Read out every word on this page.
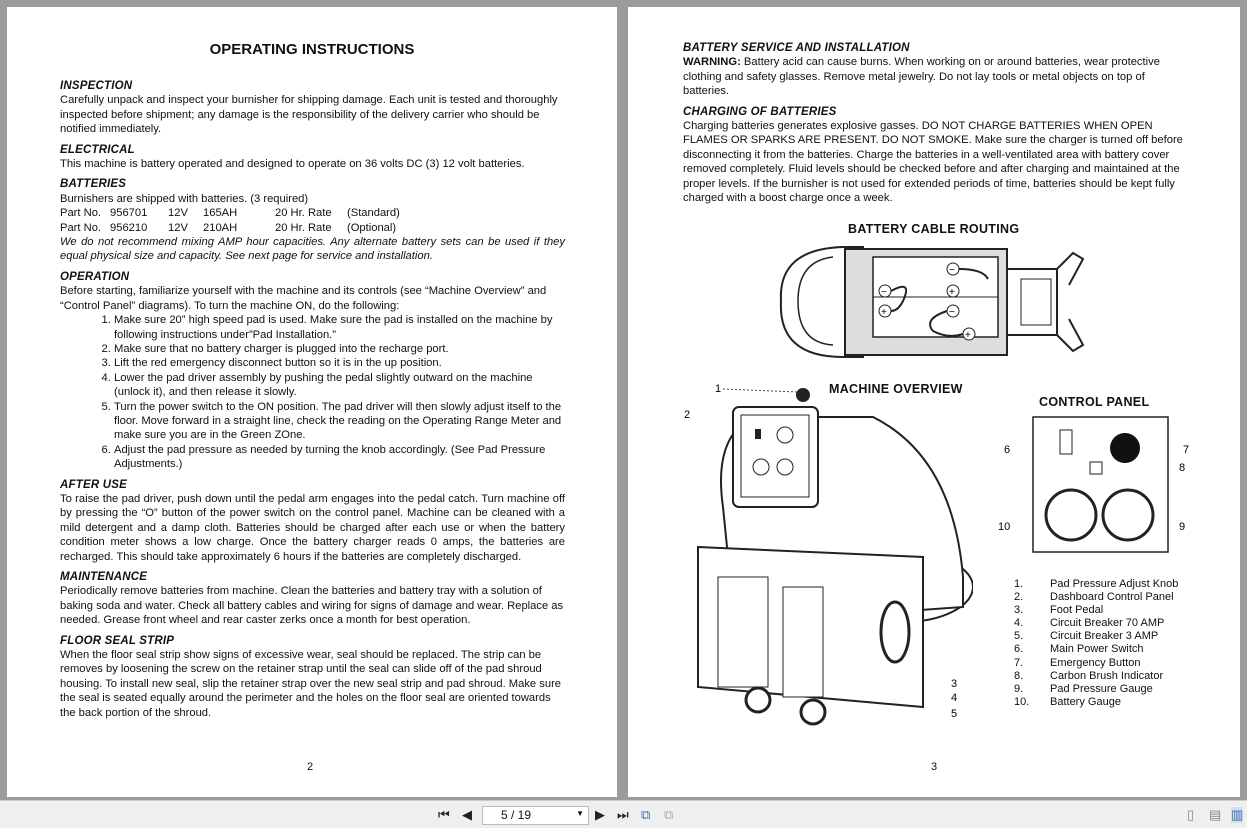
OPERATING INSTRUCTIONS
INSPECTION
Carefully unpack and inspect your burnisher for shipping damage. Each unit is tested and thoroughly inspected before shipment; any damage is the responsibility of the delivery carrier who should be notified immediately.
ELECTRICAL
This machine is battery operated and designed to operate on 36 volts DC (3) 12 volt batteries.
BATTERIES
Burnishers are shipped with batteries. (3 required)
Part No. 956701 12V 165AH	20 Hr. Rate (Standard)
Part No. 956210 12V 210AH	20 Hr. Rate (Optional)
We do not recommend mixing AMP hour capacities. Any alternate battery sets can be used if they equal physical size and capacity. See next page for service and installation.
OPERATION
Before starting, familiarize yourself with the machine and its controls (see “Machine Overview” and “Control Panel” diagrams). To turn the machine ON, do the following:
1. Make sure 20” high speed pad is used. Make sure the pad is installed on the machine by following instructions under”Pad Installation.”
2. Make sure that no battery charger is plugged into the recharge port.
3. Lift the red emergency disconnect button so it is in the up position.
4. Lower the pad driver assembly by pushing the pedal slightly outward on the machine (unlock it), and then release it slowly.
5. Turn the power switch to the ON position. The pad driver will then slowly adjust itself to the floor. Move forward in a straight line, check the reading on the Operating Range Meter and make sure you are in the Green ZOne.
6. Adjust the pad pressure as needed by turning the knob accordingly. (See Pad Pressure Adjustments.)
AFTER USE
To raise the pad driver, push down until the pedal arm engages into the pedal catch. Turn machine off by pressing the “O” button of the power switch on the control panel. Machine can be cleaned with a mild detergent and a damp cloth. Batteries should be charged after each use or when the battery condition meter shows a low charge. Once the battery charger reads 0 amps, the batteries are recharged. This should take approximately 6 hours if the batteries are completely discharged.
MAINTENANCE
Periodically remove batteries from machine. Clean the batteries and battery tray with a solution of baking soda and water. Check all battery cables and wiring for signs of damage and wear. Replace as needed. Grease front wheel and rear caster zerks once a month for best operation.
FLOOR SEAL STRIP
When the floor seal strip show signs of excessive wear, seal should be replaced. The strip can be removes by loosening the screw on the retainer strap until the seal can slide off of the pad shroud housing. To install new seal, slip the retainer strap over the new seal strip and pad shroud. Make sure the seal is seated equally around the perimeter and the holes on the floor seal are oriented towards the back portion of the shroud.
2
BATTERY SERVICE AND INSTALLATION
WARNING: Battery acid can cause burns. When working on or around batteries, wear protective clothing and safety glasses. Remove metal jewelry. Do not lay tools or metal objects on top of batteries.
CHARGING OF BATTERIES
Charging batteries generates explosive gasses. DO NOT CHARGE BATTERIES WHEN OPEN FLAMES OR SPARKS ARE PRESENT. DO NOT SMOKE. Make sure the charger is turned off before disconnecting it from the batteries. Charge the batteries in a well-ventilated area with battery cover removed completely. Fluid levels should be checked before and after charging and maintained at the proper levels. If the burnisher is not used for extended periods of time, batteries should be kept fully charged with a boost charge once a week.
BATTERY CABLE ROUTING
−
+
−
+
−
+
MACHINE OVERVIEW
1
2
3
4
5
CONTROL PANEL
6	7
8
9
10
1. Pad Pressure Adjust Knob
2. Dashboard Control Panel
3. Foot Pedal
4. Circuit Breaker 70 AMP
5. Circuit Breaker 3 AMP
6. Main Power Switch
7. Emergency Button
8. Carbon Brush Indicator
9. Pad Pressure Gauge
10. Battery Gauge
3
⏮ ◀	5 / 19	▼ ▶ ⏭ ⧉ ⧉	▯ ▤ ▥
